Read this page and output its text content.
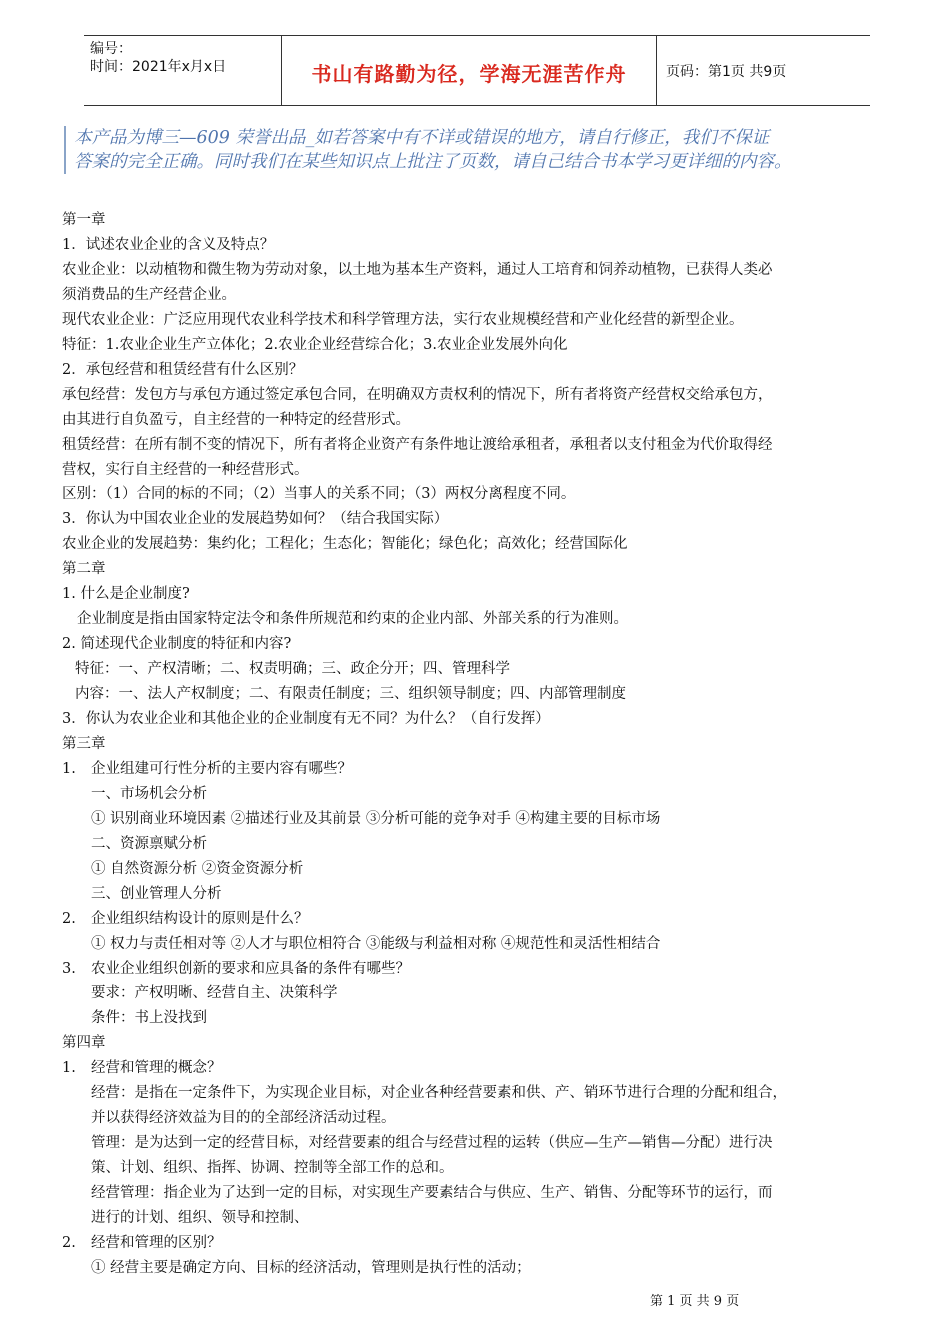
编号：
时间：2021年x月x日	书山有路勤为径，学海无涯苦作舟	页码：第1页 共9页

本产品为博三—609 荣誉出品_如若答案中有不详或错误的地方，请自行修正，我们不保证

答案的完全正确。同时我们在某些知识点上批注了页数，请自己结合书本学习更详细的内容。

第一章
1．试述农业企业的含义及特点？
农业企业：以动植物和微生物为劳动对象，以土地为基本生产资料，通过人工培育和饲养动植物，已获得人类必
须消费品的生产经营企业。
现代农业企业：广泛应用现代农业科学技术和科学管理方法，实行农业规模经营和产业化经营的新型企业。
特征：1.农业企业生产立体化；2.农业企业经营综合化；3.农业企业发展外向化
2．承包经营和租赁经营有什么区别？
承包经营：发包方与承包方通过签定承包合同，在明确双方责权利的情况下，所有者将资产经营权交给承包方，
由其进行自负盈亏，自主经营的一种特定的经营形式。
租赁经营：在所有制不变的情况下，所有者将企业资产有条件地让渡给承租者，承租者以支付租金为代价取得经
营权，实行自主经营的一种经营形式。
区别：（1）合同的标的不同；（2）当事人的关系不同；（3）两权分离程度不同。
3．你认为中国农业企业的发展趋势如何？（结合我国实际）
农业企业的发展趋势：集约化；工程化；生态化；智能化；绿色化；高效化；经营国际化
第二章
1. 什么是企业制度?
企业制度是指由国家特定法令和条件所规范和约束的企业内部、外部关系的行为准则。
2. 简述现代企业制度的特征和内容?
特征：一、产权清晰；二、权责明确；三、政企分开；四、管理科学
内容：一、法人产权制度；二、有限责任制度；三、组织领导制度；四、内部管理制度
3．你认为农业企业和其他企业的企业制度有无不同？为什么？（自行发挥）
第三章
1. 企业组建可行性分析的主要内容有哪些？
一、市场机会分析
① 识别商业环境因素 ②描述行业及其前景 ③分析可能的竞争对手 ④构建主要的目标市场
二、资源禀赋分析
① 自然资源分析 ②资金资源分析
三、创业管理人分析
2. 企业组织结构设计的原则是什么？
① 权力与责任相对等 ②人才与职位相符合 ③能级与利益相对称 ④规范性和灵活性相结合
3. 农业企业组织创新的要求和应具备的条件有哪些？
要求：产权明晰、经营自主、决策科学
条件：书上没找到
第四章
1. 经营和管理的概念？
经营：是指在一定条件下，为实现企业目标，对企业各种经营要素和供、产、销环节进行合理的分配和组合，
并以获得经济效益为目的的全部经济活动过程。
管理：是为达到一定的经营目标，对经营要素的组合与经营过程的运转（供应—生产—销售—分配）进行决
策、计划、组织、指挥、协调、控制等全部工作的总和。
经营管理：指企业为了达到一定的目标，对实现生产要素结合与供应、生产、销售、分配等环节的运行，而
进行的计划、组织、领导和控制、
2. 经营和管理的区别？
① 经营主要是确定方向、目标的经济活动，管理则是执行性的活动；
第 1 页 共 9 页
